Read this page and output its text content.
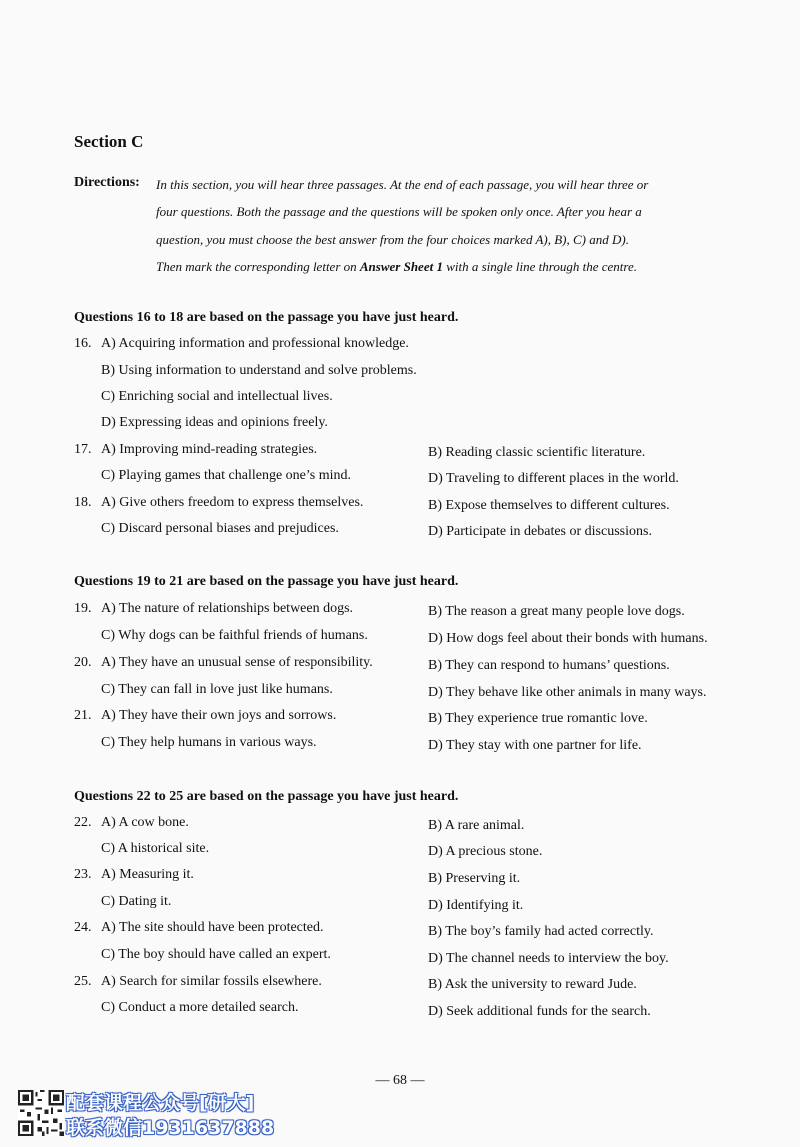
Section C
Directions: In this section, you will hear three passages. At the end of each passage, you will hear three or
four questions. Both the passage and the questions will be spoken only once. After you hear a
question, you must choose the best answer from the four choices marked A), B), C) and D).
Then mark the corresponding letter on Answer Sheet 1 with a single line through the centre.
Questions 16 to 18 are based on the passage you have just heard.
16. A) Acquiring information and professional knowledge.
B) Using information to understand and solve problems.
C) Enriching social and intellectual lives.
D) Expressing ideas and opinions freely.
17. A) Improving mind-reading strategies.	B) Reading classic scientific literature.
C) Playing games that challenge one’s mind.	D) Traveling to different places in the world.
18. A) Give others freedom to express themselves.	B) Expose themselves to different cultures.
C) Discard personal biases and prejudices.	D) Participate in debates or discussions.
Questions 19 to 21 are based on the passage you have just heard.
19. A) The nature of relationships between dogs.	B) The reason a great many people love dogs.
C) Why dogs can be faithful friends of humans.	D) How dogs feel about their bonds with humans.
20. A) They have an unusual sense of responsibility.	B) They can respond to humans’ questions.
C) They can fall in love just like humans.	D) They behave like other animals in many ways.
21. A) They have their own joys and sorrows.	B) They experience true romantic love.
C) They help humans in various ways.	D) They stay with one partner for life.
Questions 22 to 25 are based on the passage you have just heard.
22. A) A cow bone.	B) A rare animal.
C) A historical site.	D) A precious stone.
23. A) Measuring it.	B) Preserving it.
C) Dating it.	D) Identifying it.
24. A) The site should have been protected.	B) The boy’s family had acted correctly.
C) The boy should have called an expert.	D) The channel needs to interview the boy.
25. A) Search for similar fossils elsewhere.	B) Ask the university to reward Jude.
C) Conduct a more detailed search.	D) Seek additional funds for the search.
— 68 —
配套课程公众号[研大]
联系微信1931637888
